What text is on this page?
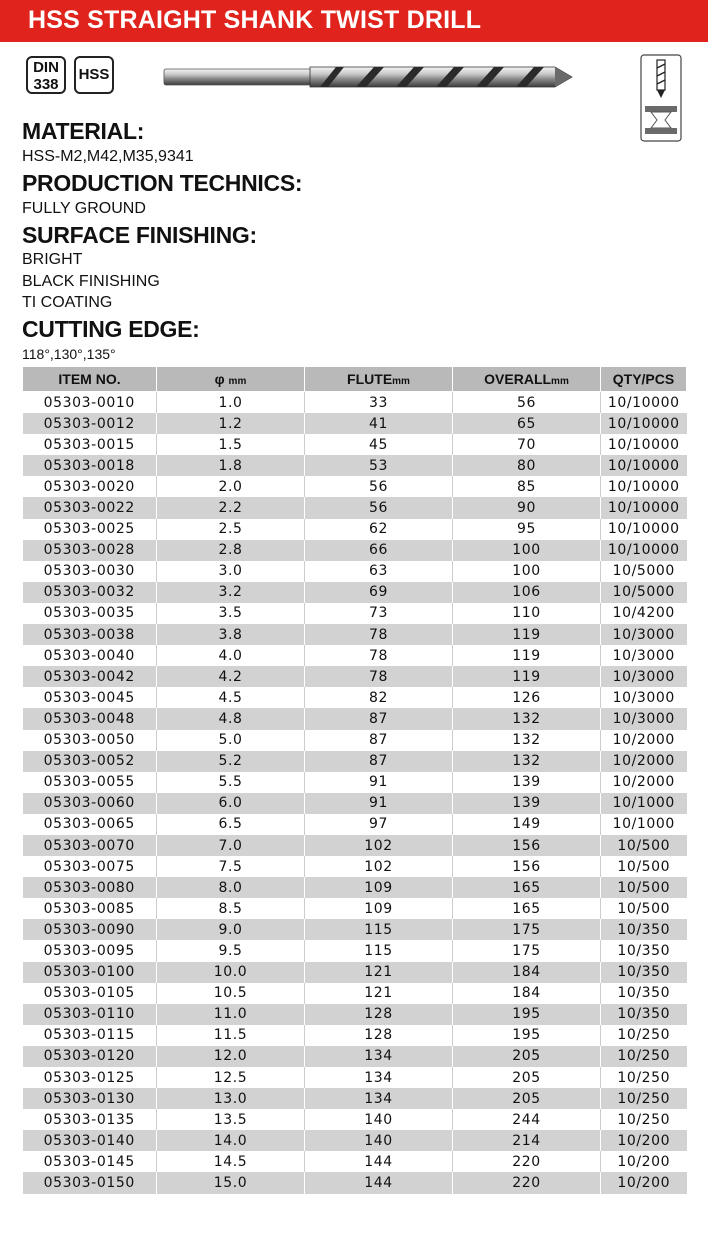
HSS STRAIGHT SHANK TWIST DRILL
DIN
338
HSS

MATERIAL:

HSS-M2,M42,M35,9341

PRODUCTION TECHNICS:

FULLY GROUND

SURFACE FINISHING:

BRIGHT

BLACK FINISHING

TI COATING

CUTTING EDGE:

118°,130°,135°

ITEM NO.	φ mm	FLUTEmm	OVERALLmm	QTY/PCS
05303-0010	1.0	33	56	10/10000
05303-0012	1.2	41	65	10/10000
05303-0015	1.5	45	70	10/10000
05303-0018	1.8	53	80	10/10000
05303-0020	2.0	56	85	10/10000
05303-0022	2.2	56	90	10/10000
05303-0025	2.5	62	95	10/10000
05303-0028	2.8	66	100	10/10000
05303-0030	3.0	63	100	10/5000
05303-0032	3.2	69	106	10/5000
05303-0035	3.5	73	110	10/4200
05303-0038	3.8	78	119	10/3000
05303-0040	4.0	78	119	10/3000
05303-0042	4.2	78	119	10/3000
05303-0045	4.5	82	126	10/3000
05303-0048	4.8	87	132	10/3000
05303-0050	5.0	87	132	10/2000
05303-0052	5.2	87	132	10/2000
05303-0055	5.5	91	139	10/2000
05303-0060	6.0	91	139	10/1000
05303-0065	6.5	97	149	10/1000
05303-0070	7.0	102	156	10/500
05303-0075	7.5	102	156	10/500
05303-0080	8.0	109	165	10/500
05303-0085	8.5	109	165	10/500
05303-0090	9.0	115	175	10/350
05303-0095	9.5	115	175	10/350
05303-0100	10.0	121	184	10/350
05303-0105	10.5	121	184	10/350
05303-0110	11.0	128	195	10/350
05303-0115	11.5	128	195	10/250
05303-0120	12.0	134	205	10/250
05303-0125	12.5	134	205	10/250
05303-0130	13.0	134	205	10/250
05303-0135	13.5	140	244	10/250
05303-0140	14.0	140	214	10/200
05303-0145	14.5	144	220	10/200
05303-0150	15.0	144	220	10/200
